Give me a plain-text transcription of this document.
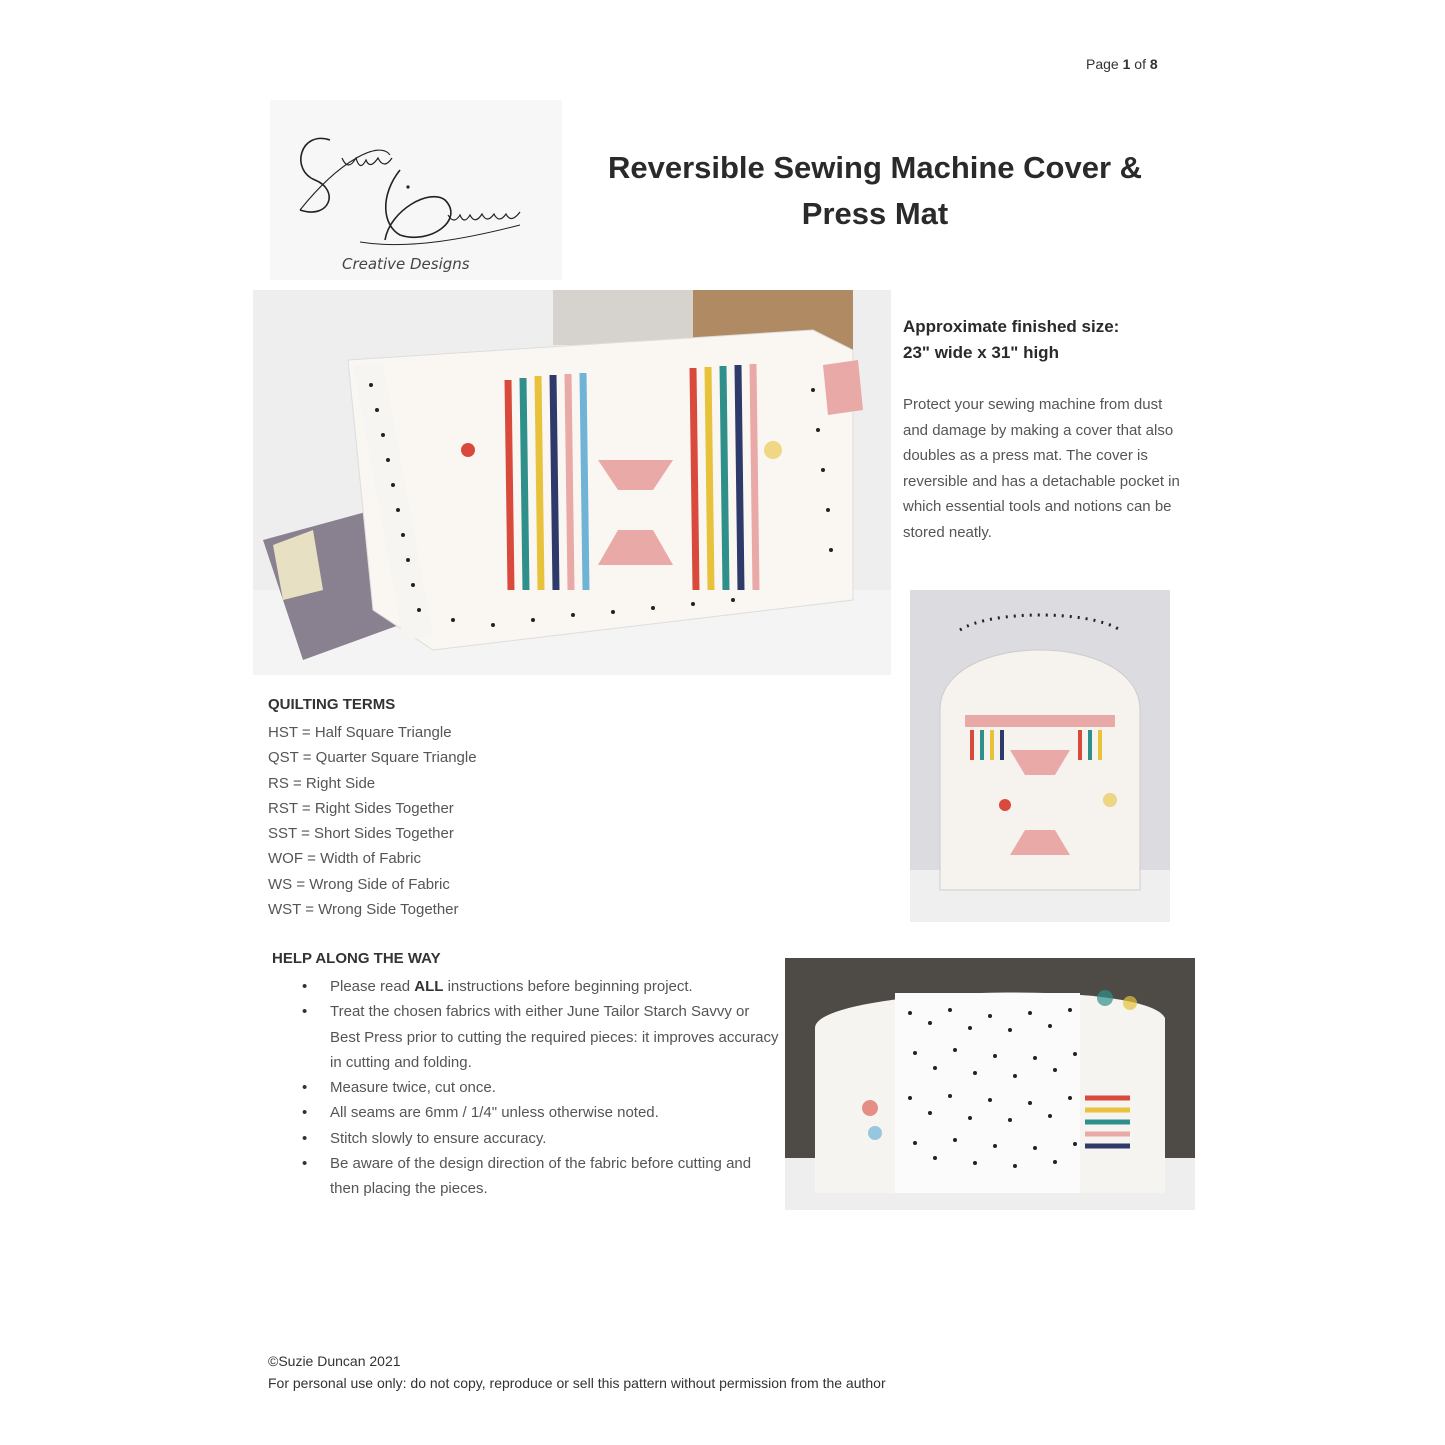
Page 1 of 8
Creative Designs
Reversible Sewing Machine Cover &
Press Mat
Approximate finished size:
23" wide x 31" high

Protect your sewing machine from dust and damage by making a cover that also doubles as a press mat. The cover is reversible and has a detachable pocket in which essential tools and notions can be stored neatly.

QUILTING TERMS
HST = Half Square Triangle
QST = Quarter Square Triangle
RS = Right Side
RST = Right Sides Together
SST = Short Sides Together
WOF = Width of Fabric
WS = Wrong Side of Fabric
WST = Wrong Side Together
HELP ALONG THE WAY
• Please read ALL instructions before beginning project.
• Treat the chosen fabrics with either June Tailor Starch Savvy or Best Press prior to cutting the required pieces: it improves accuracy in cutting and folding.
• Measure twice, cut once.
• All seams are 6mm / 1/4" unless otherwise noted.
• Stitch slowly to ensure accuracy.
• Be aware of the design direction of the fabric before cutting and then placing the pieces.
©Suzie Duncan 2021
For personal use only: do not copy, reproduce or sell this pattern without permission from the author
